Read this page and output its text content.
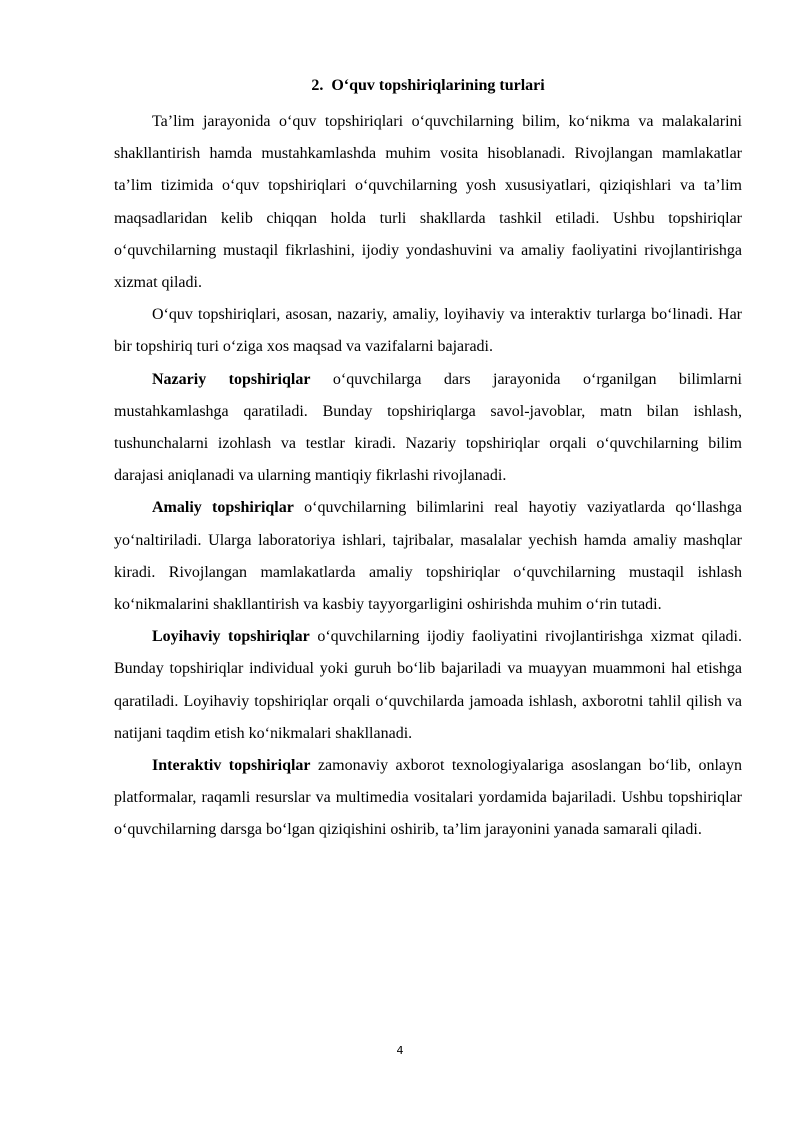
2. O‘quv topshiriqlarining turlari

Ta’lim jarayonida o‘quv topshiriqlari o‘quvchilarning bilim, ko‘nikma va malakalarini shakllantirish hamda mustahkamlashda muhim vosita hisoblanadi. Rivojlangan mamlakatlar ta’lim tizimida o‘quv topshiriqlari o‘quvchilarning yosh xususiyatlari, qiziqishlari va ta’lim maqsadlaridan kelib chiqqan holda turli shakllarda tashkil etiladi. Ushbu topshiriqlar o‘quvchilarning mustaqil fikrlashini, ijodiy yondashuvini va amaliy faoliyatini rivojlantirishga xizmat qiladi.

O‘quv topshiriqlari, asosan, nazariy, amaliy, loyihaviy va interaktiv turlarga bo‘linadi. Har bir topshiriq turi o‘ziga xos maqsad va vazifalarni bajaradi.

Nazariy topshiriqlar o‘quvchilarga dars jarayonida o‘rganilgan bilimlarni mustahkamlashga qaratiladi. Bunday topshiriqlarga savol-javoblar, matn bilan ishlash, tushunchalarni izohlash va testlar kiradi. Nazariy topshiriqlar orqali o‘quvchilarning bilim darajasi aniqlanadi va ularning mantiqiy fikrlashi rivojlanadi.

Amaliy topshiriqlar o‘quvchilarning bilimlarini real hayotiy vaziyatlarda qo‘llashga yo‘naltiriladi. Ularga laboratoriya ishlari, tajribalar, masalalar yechish hamda amaliy mashqlar kiradi. Rivojlangan mamlakatlarda amaliy topshiriqlar o‘quvchilarning mustaqil ishlash ko‘nikmalarini shakllantirish va kasbiy tayyorgarligini oshirishda muhim o‘rin tutadi.

Loyihaviy topshiriqlar o‘quvchilarning ijodiy faoliyatini rivojlantirishga xizmat qiladi. Bunday topshiriqlar individual yoki guruh bo‘lib bajariladi va muayyan muammoni hal etishga qaratiladi. Loyihaviy topshiriqlar orqali o‘quvchilarda jamoada ishlash, axborotni tahlil qilish va natijani taqdim etish ko‘nikmalari shakllanadi.

Interaktiv topshiriqlar zamonaviy axborot texnologiyalariga asoslangan bo‘lib, onlayn platformalar, raqamli resurslar va multimedia vositalari yordamida bajariladi. Ushbu topshiriqlar o‘quvchilarning darsga bo‘lgan qiziqishini oshirib, ta’lim jarayonini yanada samarali qiladi.

4
